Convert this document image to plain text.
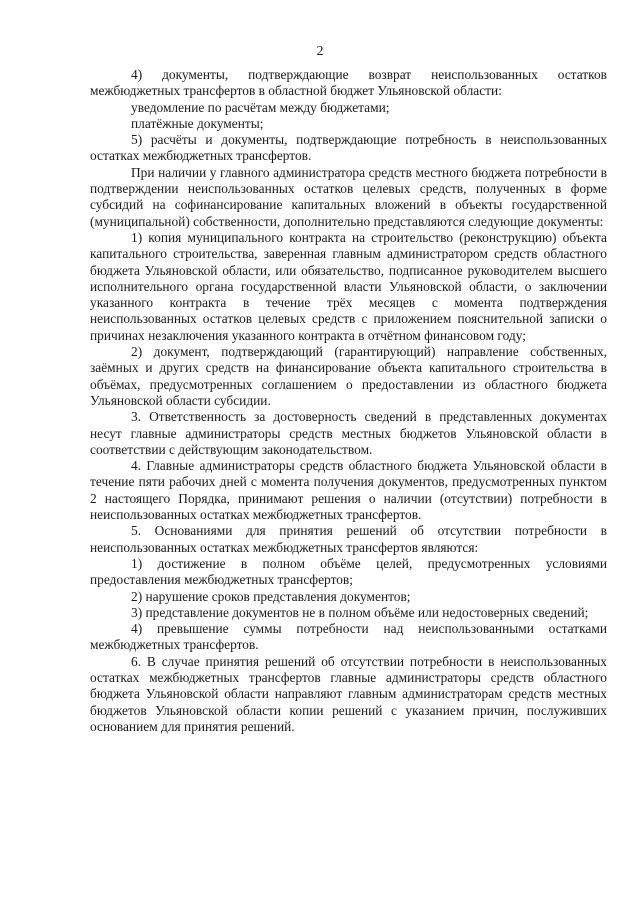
2

4) документы, подтверждающие возврат неиспользованных остатков межбюджетных трансфертов в областной бюджет Ульяновской области:

уведомление по расчётам между бюджетами;

платёжные документы;

5) расчёты и документы, подтверждающие потребность в неиспользованных остатках межбюджетных трансфертов.

При наличии у главного администратора средств местного бюджета потребности в подтверждении неиспользованных остатков целевых средств, полученных в форме субсидий на софинансирование капитальных вложений в объекты государственной (муниципальной) собственности, дополнительно представляются следующие документы:

1) копия муниципального контракта на строительство (реконструкцию) объекта капитального строительства, заверенная главным администратором средств областного бюджета Ульяновской области, или обязательство, подписанное руководителем высшего исполнительного органа государственной власти Ульяновской области, о заключении указанного контракта в течение трёх месяцев с момента подтверждения неиспользованных остатков целевых средств с приложением пояснительной записки о причинах незаключения указанного контракта в отчётном финансовом году;

2) документ, подтверждающий (гарантирующий) направление собственных, заёмных и других средств на финансирование объекта капитального строительства в объёмах, предусмотренных соглашением о предоставлении из областного бюджета Ульяновской области субсидии.

3. Ответственность за достоверность сведений в представленных документах несут главные администраторы средств местных бюджетов Ульяновской области в соответствии с действующим законодательством.

4. Главные администраторы средств областного бюджета Ульяновской области в течение пяти рабочих дней с момента получения документов, предусмотренных пунктом 2 настоящего Порядка, принимают решения о наличии (отсутствии) потребности в неиспользованных остатках межбюджетных трансфертов.

5. Основаниями для принятия решений об отсутствии потребности в неиспользованных остатках межбюджетных трансфертов являются:

1) достижение в полном объёме целей, предусмотренных условиями предоставления межбюджетных трансфертов;

2) нарушение сроков представления документов;

3) представление документов не в полном объёме или недостоверных сведений;

4) превышение суммы потребности над неиспользованными остатками межбюджетных трансфертов.

6. В случае принятия решений об отсутствии потребности в неиспользованных остатках межбюджетных трансфертов главные администраторы средств областного бюджета Ульяновской области направляют главным администраторам средств местных бюджетов Ульяновской области копии решений с указанием причин, послуживших основанием для принятия решений.
